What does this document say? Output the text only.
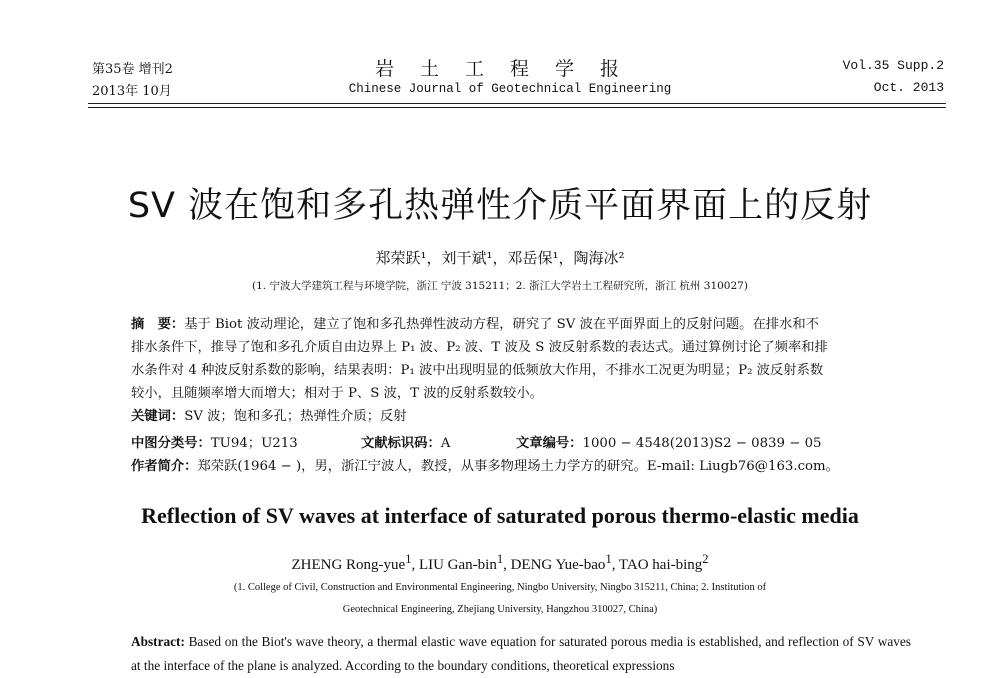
第35卷 增刊2
2013年 10月
岩土工程学报
Chinese Journal of Geotechnical Engineering
Vol.35 Supp.2
Oct. 2013
SV 波在饱和多孔热弹性介质平面界面上的反射
郑荣跃¹，刘干斌¹，邓岳保¹，陶海冰²
(1. 宁波大学建筑工程与环境学院，浙江 宁波 315211；2. 浙江大学岩土工程研究所，浙江 杭州 310027)
摘　要：基于 Biot 波动理论，建立了饱和多孔热弹性波动方程，研究了 SV 波在平面界面上的反射问题。在排水和不
排水条件下，推导了饱和多孔介质自由边界上 P₁ 波、P₂ 波、T 波及 S 波反射系数的表达式。通过算例讨论了频率和排
水条件对 4 种波反射系数的影响，结果表明：P₁ 波中出现明显的低频放大作用，不排水工况更为明显；P₂ 波反射系数
较小，且随频率增大而增大；相对于 P、S 波，T 波的反射系数较小。
关键词：SV 波；饱和多孔；热弹性介质；反射
中图分类号：TU94；U213	文献标识码：A	文章编号：1000 − 4548(2013)S2 − 0839 − 05
作者简介：郑荣跃(1964 − )，男，浙江宁波人，教授，从事多物理场土力学方的研究。E-mail: Liugb76@163.com。
Reflection of SV waves at interface of saturated porous thermo-elastic media
ZHENG Rong-yue$^1$, LIU Gan-bin$^1$, DENG Yue-bao$^1$, TAO hai-bing$^2$
(1. College of Civil, Construction and Environmental Engineering, Ningbo University, Ningbo 315211, China; 2. Institution of
Geotechnical Engineering, Zhejiang University, Hangzhou 310027, China)
Abstract: Based on the Biot's wave theory, a thermal elastic wave equation for saturated porous media is established, and reflection of SV waves at the interface of the plane is analyzed. According to the boundary conditions, theoretical expressions
